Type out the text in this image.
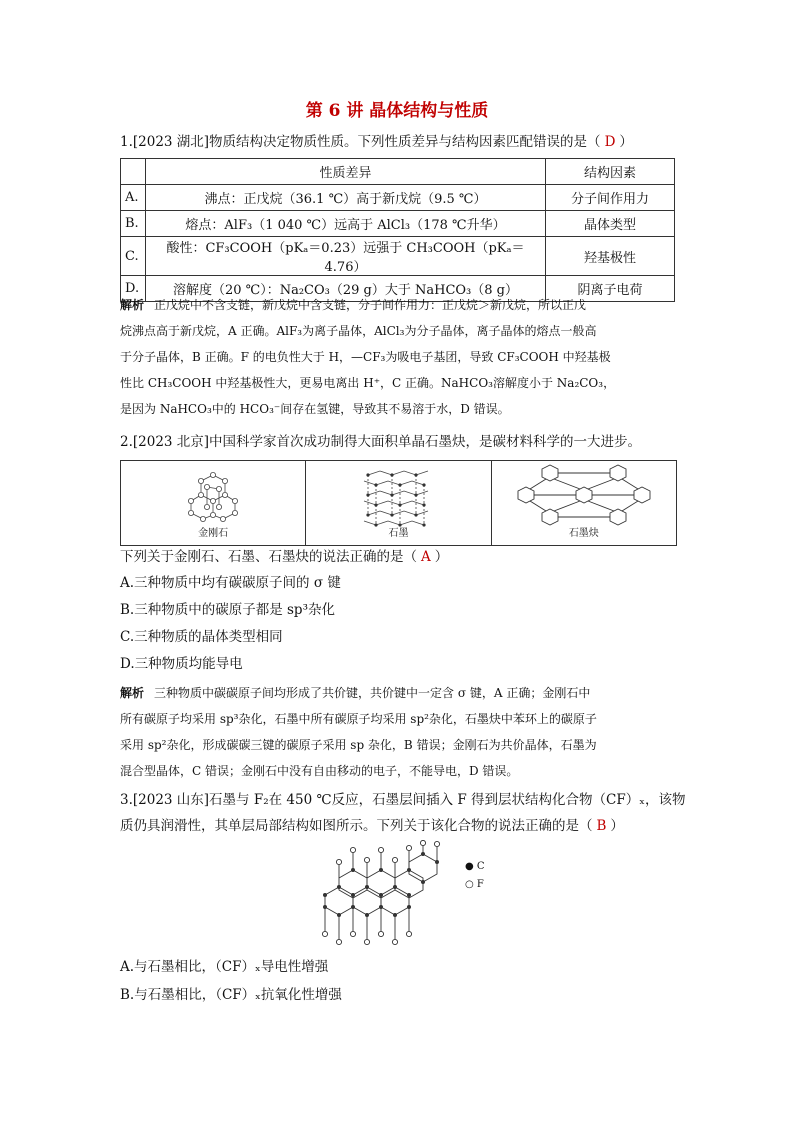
第 6 讲 晶体结构与性质
1.[2023 湖北]物质结构决定物质性质。下列性质差异与结构因素匹配错误的是（ D ）
	性质差异	结构因素
A.	沸点：正戊烷（36.1 ℃）高于新戊烷（9.5 ℃）	分子间作用力
B.	熔点：AlF₃（1 040 ℃）远高于 AlCl₃（178 ℃升华）	晶体类型
C.	酸性：CF₃COOH（pKₐ＝0.23）远强于 CH₃COOH（pKₐ＝4.76）	羟基极性
D.	溶解度（20 ℃）：Na₂CO₃（29 g）大于 NaHCO₃（8 g）	阴离子电荷
解析 正戊烷中不含支链，新戊烷中含支链，分子间作用力：正戊烷＞新戊烷，所以正戊
烷沸点高于新戊烷，A 正确。AlF₃为离子晶体，AlCl₃为分子晶体，离子晶体的熔点一般高
于分子晶体，B 正确。F 的电负性大于 H，—CF₃为吸电子基团，导致 CF₃COOH 中羟基极
性比 CH₃COOH 中羟基极性大，更易电离出 H⁺，C 正确。NaHCO₃溶解度小于 Na₂CO₃，
是因为 NaHCO₃中的 HCO₃⁻间存在氢键，导致其不易溶于水，D 错误。
2.[2023 北京]中国科学家首次成功制得大面积单晶石墨炔，是碳材料科学的一大进步。
金刚石	石墨	石墨炔
下列关于金刚石、石墨、石墨炔的说法正确的是（ A ）
A.三种物质中均有碳碳原子间的 σ 键
B.三种物质中的碳原子都是 sp³杂化
C.三种物质的晶体类型相同
D.三种物质均能导电
解析 三种物质中碳碳原子间均形成了共价键，共价键中一定含 σ 键，A 正确；金刚石中
所有碳原子均采用 sp³杂化，石墨中所有碳原子均采用 sp²杂化，石墨炔中苯环上的碳原子
采用 sp²杂化，形成碳碳三键的碳原子采用 sp 杂化，B 错误；金刚石为共价晶体，石墨为
混合型晶体，C 错误；金刚石中没有自由移动的电子，不能导电，D 错误。
3.[2023 山东]石墨与 F₂在 450 ℃反应，石墨层间插入 F 得到层状结构化合物（CF）ₓ，该物
质仍具润滑性，其单层局部结构如图所示。下列关于该化合物的说法正确的是（ B ）
● C
○ F
A.与石墨相比，（CF）ₓ导电性增强
B.与石墨相比，（CF）ₓ抗氧化性增强
